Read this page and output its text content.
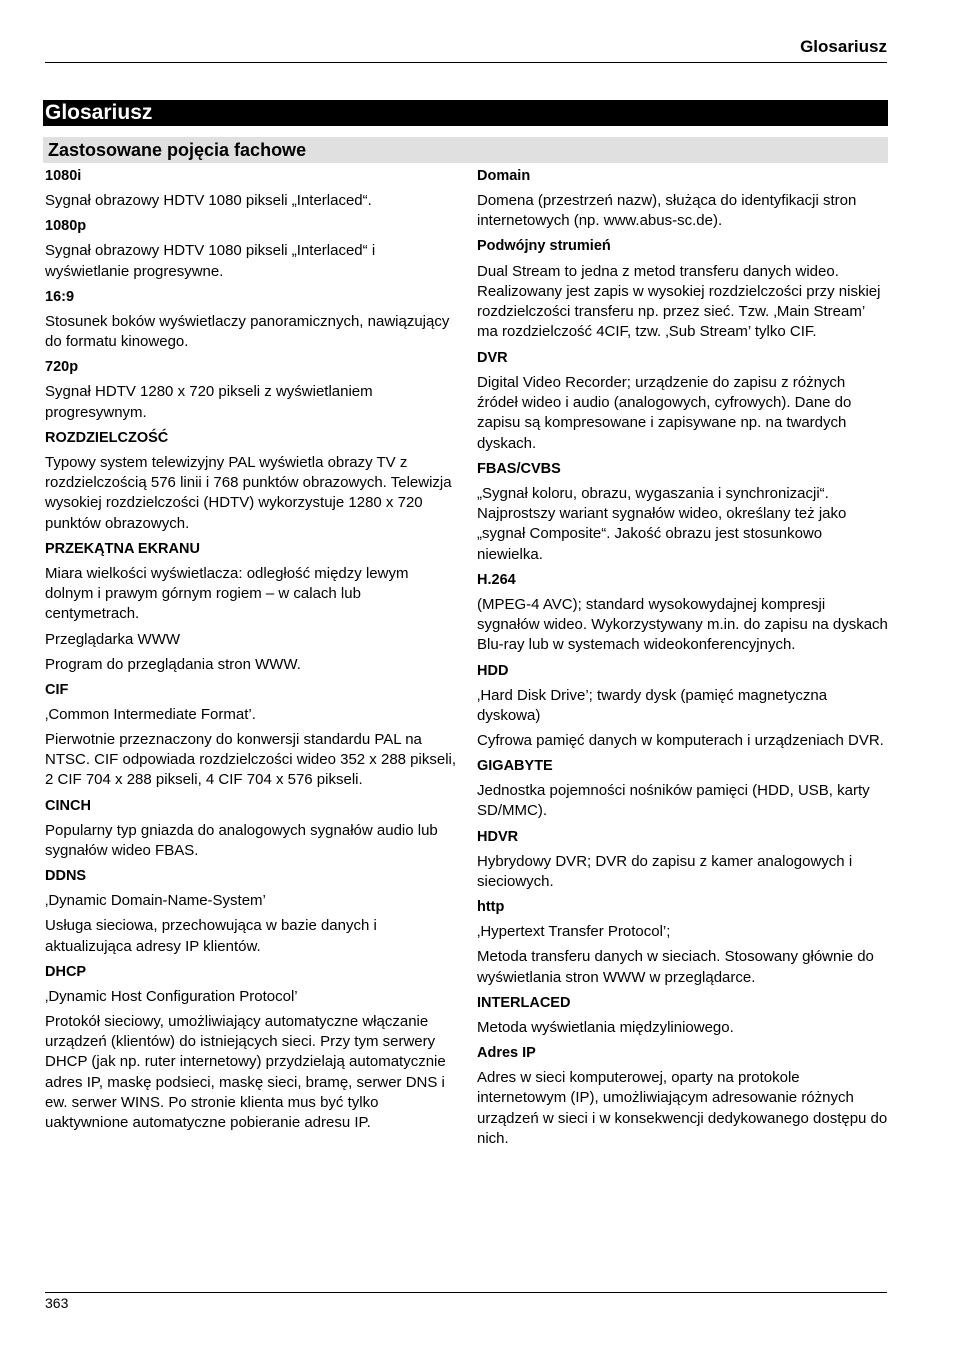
Glosariusz
Glosariusz
Zastosowane pojęcia fachowe
1080i
Sygnał obrazowy HDTV 1080 pikseli „Interlaced“.
1080p
Sygnał obrazowy HDTV 1080 pikseli „Interlaced“ i wyświetlanie progresywne.
16:9
Stosunek boków wyświetlaczy panoramicznych, nawiązujący do formatu kinowego.
720p
Sygnał HDTV 1280 x 720 pikseli z wyświetlaniem progresywnym.
ROZDZIELCZOŚĆ
Typowy system telewizyjny PAL wyświetla obrazy TV z rozdzielczością 576 linii i 768 punktów obrazowych. Telewizja wysokiej rozdzielczości (HDTV) wykorzystuje 1280 x 720 punktów obrazowych.
PRZEKĄTNA EKRANU
Miara wielkości wyświetlacza: odległość między lewym dolnym i prawym górnym rogiem – w calach lub centymetrach.
Przeglądarka WWW
Program do przeglądania stron WWW.
CIF
‚Common Intermediate Format’.
Pierwotnie przeznaczony do konwersji standardu PAL na NTSC. CIF odpowiada rozdzielczości wideo 352 x 288 pikseli, 2 CIF 704 x 288 pikseli, 4 CIF 704 x 576 pikseli.
CINCH
Popularny typ gniazda do analogowych sygnałów audio lub sygnałów wideo FBAS.
DDNS
‚Dynamic Domain-Name-System’
Usługa sieciowa, przechowująca w bazie danych i aktualizująca adresy IP klientów.
DHCP
‚Dynamic Host Configuration Protocol’
Protokół sieciowy, umożliwiający automatyczne włączanie urządzeń (klientów) do istniejących sieci. Przy tym serwery DHCP (jak np. ruter internetowy) przydzielają automatycznie adres IP, maskę podsieci, maskę sieci, bramę, serwer DNS i ew. serwer WINS. Po stronie klienta mus być tylko uaktywnione automatyczne pobieranie adresu IP.
Domain
Domena (przestrzeń nazw), służąca do identyfikacji stron internetowych (np. www.abus-sc.de).
Podwójny strumień
Dual Stream to jedna z metod transferu danych wideo. Realizowany jest zapis w wysokiej rozdzielczości przy niskiej rozdzielczości transferu np. przez sieć. Tzw. ‚Main Stream’ ma rozdzielczość 4CIF, tzw. ‚Sub Stream’ tylko CIF.
DVR
Digital Video Recorder; urządzenie do zapisu z różnych źródeł wideo i audio (analogowych, cyfrowych). Dane do zapisu są kompresowane i zapisywane np. na twardych dyskach.
FBAS/CVBS
„Sygnał koloru, obrazu, wygaszania i synchronizacji“. Najprostszy wariant sygnałów wideo, określany też jako „sygnał Composite“. Jakość obrazu jest stosunkowo niewielka.
H.264
(MPEG-4 AVC); standard wysokowydajnej kompresji sygnałów wideo. Wykorzystywany m.in. do zapisu na dyskach Blu-ray lub w systemach wideokonferencyjnych.
HDD
‚Hard Disk Drive’; twardy dysk (pamięć magnetyczna dyskowa)
Cyfrowa pamięć danych w komputerach i urządzeniach DVR.
GIGABYTE
Jednostka pojemności nośników pamięci (HDD, USB, karty SD/MMC).
HDVR
Hybrydowy DVR; DVR do zapisu z kamer analogowych i sieciowych.
http
‚Hypertext Transfer Protocol’;
Metoda transferu danych w sieciach. Stosowany głównie do wyświetlania stron WWW w przeglądarce.
INTERLACED
Metoda wyświetlania międzyliniowego.
Adres IP
Adres w sieci komputerowej, oparty na protokole internetowym (IP), umożliwiającym adresowanie różnych urządzeń w sieci i w konsekwencji dedykowanego dostępu do nich.
363
